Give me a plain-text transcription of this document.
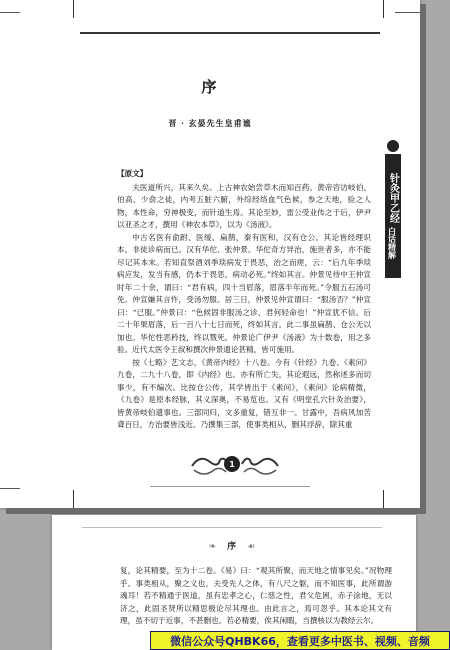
序
晋 · 玄晏先生皇甫谧

【原文】

夫医道所兴，其来久矣。上古神农始尝草木而知百药。黄帝咨访岐伯、伯高、少俞之徒，内考五脏六腑，外综经络血气色候，参之天地，验之人物，本性命，穷神极变，而针道生焉。其论至妙，雷公受业传之于后，伊尹以亚圣之才，撰用《神农本草》，以为《汤液》。

中古名医有俞跗、医缓、扁鹊，秦有医和，汉有仓公。其论皆经理识本，非徒诊病而已。汉有华佗、张仲景。华佗奇方异治，施世者多，亦不能尽记其本末。若知直祭酒刘季琰病发于畏恶，治之而瘥，云：“后九年季琰病应发，发当有感，仍本于畏恶，病动必死。”终如其言。仲景见侍中王仲宣时年二十余，谓曰：“君有病，四十当眉落，眉落半年而死。”令服五石汤可免。仲宣嫌其言忤，受汤勿服。居三日，仲景见仲宣谓曰：“服汤否？”仲宣曰：“已服。”仲景曰：“色候固非服汤之诊，君何轻命也！”仲宣犹不信。后二十年果眉落，后一百八十七日而死，终如其言。此二事虽扁鹊、仓公无以加也。华佗性恶矜技，终以戮死。仲景论广伊尹《汤液》为十数卷，用之多验。近代太医令王叔和撰次仲景遗论甚精，皆可施用。

按《七略》艺文志，《黄帝内经》十八卷。今有《针经》九卷、《素问》九卷，二九十八卷，即《内经》也。亦有所亡失，其论遐远，然称述多而切事少，有不编次。比按仓公传，其学皆出于《素问》，《素问》论病精微，《九卷》是原本经脉，其义深奥，不易览也。又有《明堂孔穴针灸治要》，皆黄帝岐伯遗事也。三部同归，文多重复，错互非一。甘露中，吾病风加苦聋百日，方治要皆浅近。乃撰集三部，使事类相从，删其浮辞，除其重

针灸甲乙经
白话精解
1
❧ 序 ☙

复，论其精要，至为十二卷。《易》曰：“观其所聚，而天地之情事见矣。”况物理乎。事类相从，聚之义也。夫受先人之体，有八尺之躯，而不知医事，此所谓游魂耳！若不精通于医道，虽有忠孝之心，仁慈之性，君父危困，赤子涂地，无以济之，此固圣贤所以精思极论尽其理也。由此言之，焉可忽乎。其本论其文有理，虽不切于近事，不甚删也。若必精要，俟其闲暇，当撰核以为教经云尔。

微信公众号QHBK66，查看更多中医书、视频、音频
